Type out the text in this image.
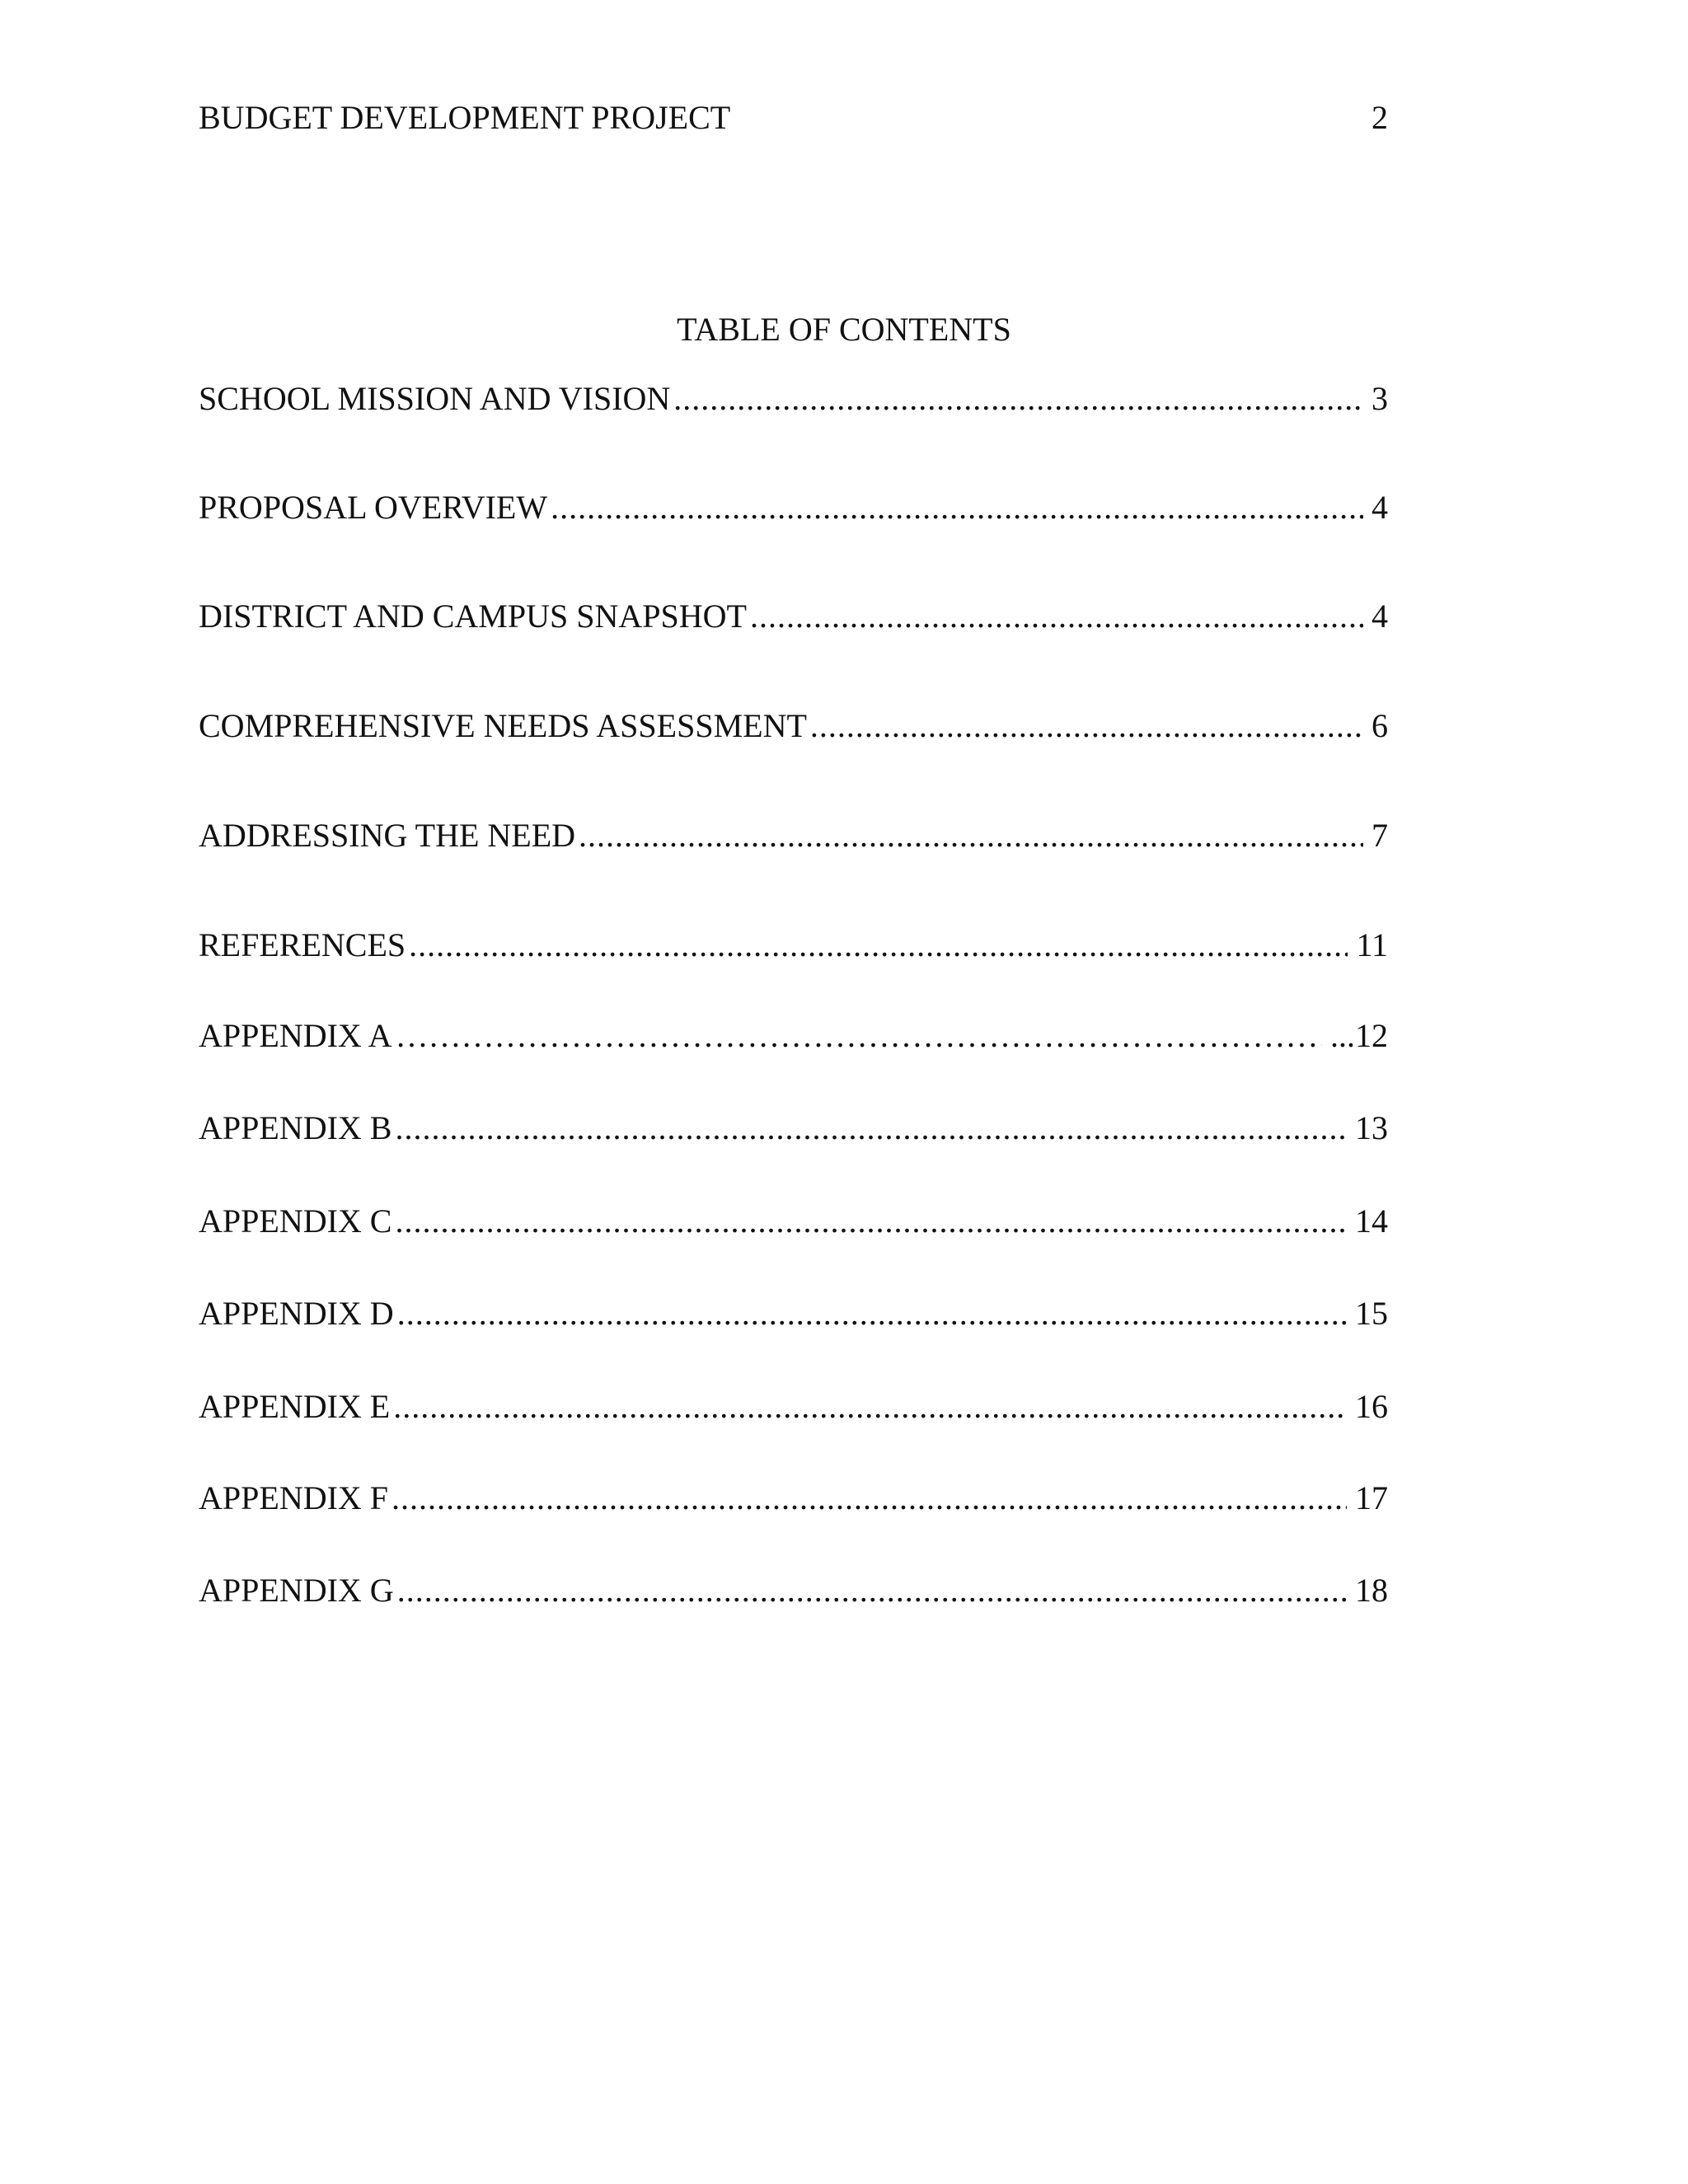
BUDGET DEVELOPMENT PROJECT	2
TABLE OF CONTENTS
SCHOOL MISSION AND VISION .....	3
PROPOSAL OVERVIEW .....	4
DISTRICT AND CAMPUS SNAPSHOT .....	4
COMPREHENSIVE NEEDS ASSESSMENT .....	6
ADDRESSING THE NEED .....	7
REFERENCES .....	11
APPENDIX A ………………………………………………………………………………………………………………………………………………	...12
APPENDIX B .....	13
APPENDIX C .....	14
APPENDIX D .....	15
APPENDIX E .....	16
APPENDIX F .....	17
APPENDIX G .....	18
